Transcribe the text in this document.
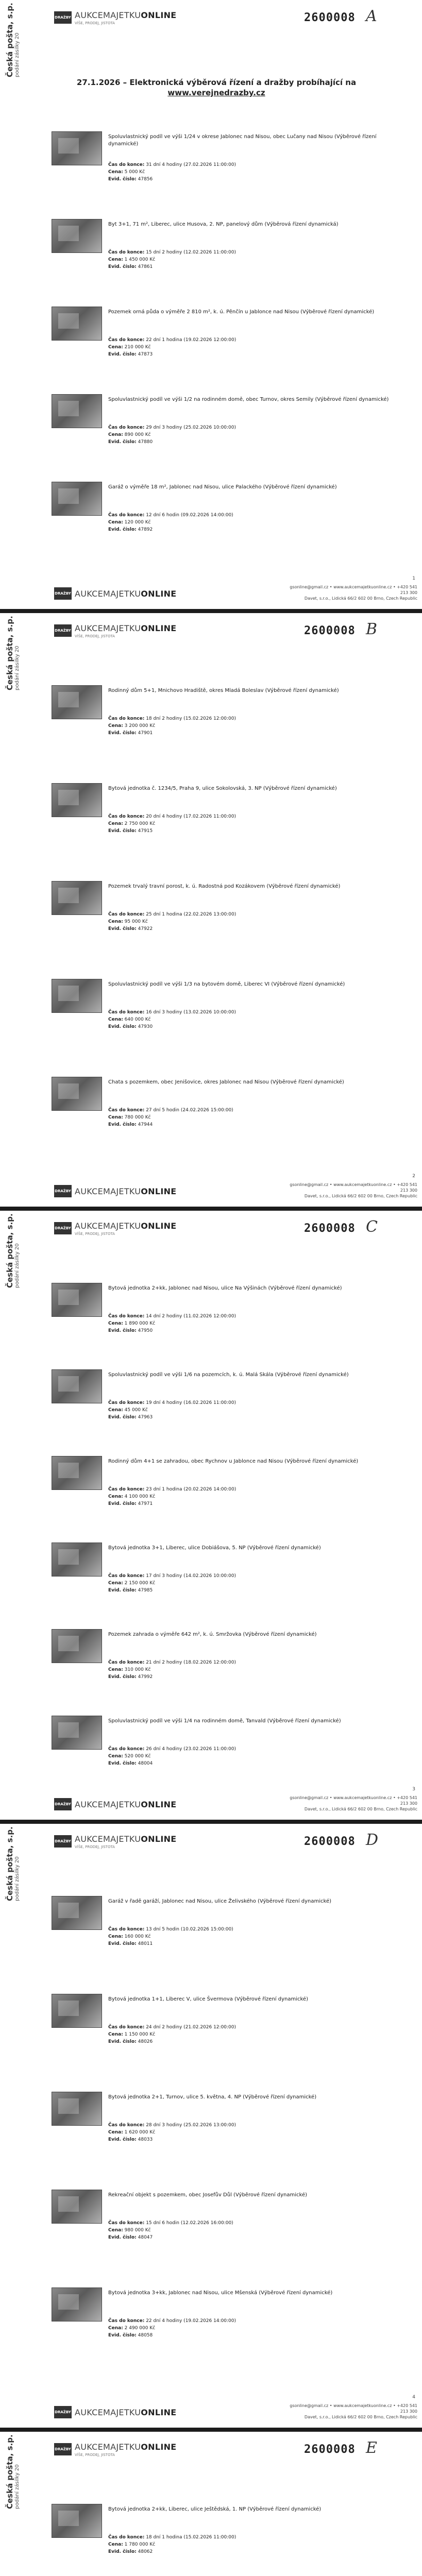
Česká pošta, s.p. podání zásilky 20
DRAŽBY AUKCEMAJETKUONLINE
VÍŠE, PRODEJ, JISTOTA	2600008 A
27.1.2026 – Elektronická výběrová řízení a dražby probíhající na
www.verejnedrazby.cz
Spoluvlastnický podíl ve výši 1/24 v okrese Jablonec nad Nisou, obec Lučany nad Nisou (Výběrové řízení dynamické)
Čas do konce: 31 dní 4 hodiny (27.02.2026 11:00:00)
Cena: 5 000 Kč
Evid. číslo: 47856
Byt 3+1, 71 m², Liberec, ulice Husova, 2. NP, panelový dům (Výběrová řízení dynamická)
Čas do konce: 15 dní 2 hodiny (12.02.2026 11:00:00)
Cena: 1 450 000 Kč
Evid. číslo: 47861
Pozemek orná půda o výměře 2 810 m², k. ú. Pěnčín u Jablonce nad Nisou (Výběrové řízení dynamické)
Čas do konce: 22 dní 1 hodina (19.02.2026 12:00:00)
Cena: 210 000 Kč
Evid. číslo: 47873
Spoluvlastnický podíl ve výši 1/2 na rodinném domě, obec Turnov, okres Semily (Výběrové řízení dynamické)
Čas do konce: 29 dní 3 hodiny (25.02.2026 10:00:00)
Cena: 890 000 Kč
Evid. číslo: 47880
Garáž o výměře 18 m², Jablonec nad Nisou, ulice Palackého (Výběrové řízení dynamické)
Čas do konce: 12 dní 6 hodin (09.02.2026 14:00:00)
Cena: 120 000 Kč
Evid. číslo: 47892
1
gsonline@gmail.cz • www.aukcemajetkuonline.cz • +420 541 213 300
Davet, s.r.o., Lidická 66/2 602 00 Brno, Czech Republic
DRAŽBY AUKCEMAJETKUONLINE
Česká pošta, s.p. podání zásilky 20
DRAŽBY AUKCEMAJETKUONLINE
VÍŠE, PRODEJ, JISTOTA	2600008 B
Rodinný dům 5+1, Mnichovo Hradiště, okres Mladá Boleslav (Výběrové řízení dynamické)
Čas do konce: 18 dní 2 hodiny (15.02.2026 12:00:00)
Cena: 3 200 000 Kč
Evid. číslo: 47901
Bytová jednotka č. 1234/5, Praha 9, ulice Sokolovská, 3. NP (Výběrové řízení dynamické)
Čas do konce: 20 dní 4 hodiny (17.02.2026 11:00:00)
Cena: 2 750 000 Kč
Evid. číslo: 47915
Pozemek trvalý travní porost, k. ú. Radostná pod Kozákovem (Výběrové řízení dynamické)
Čas do konce: 25 dní 1 hodina (22.02.2026 13:00:00)
Cena: 95 000 Kč
Evid. číslo: 47922
Spoluvlastnický podíl ve výši 1/3 na bytovém domě, Liberec VI (Výběrové řízení dynamické)
Čas do konce: 16 dní 3 hodiny (13.02.2026 10:00:00)
Cena: 640 000 Kč
Evid. číslo: 47930
Chata s pozemkem, obec Jenišovice, okres Jablonec nad Nisou (Výběrové řízení dynamické)
Čas do konce: 27 dní 5 hodin (24.02.2026 15:00:00)
Cena: 780 000 Kč
Evid. číslo: 47944
2
gsonline@gmail.cz • www.aukcemajetkuonline.cz • +420 541 213 300
Davet, s.r.o., Lidická 66/2 602 00 Brno, Czech Republic
DRAŽBY AUKCEMAJETKUONLINE
Česká pošta, s.p. podání zásilky 20
DRAŽBY AUKCEMAJETKUONLINE
VÍŠE, PRODEJ, JISTOTA	2600008 C
Bytová jednotka 2+kk, Jablonec nad Nisou, ulice Na Výšinách (Výběrové řízení dynamické)
Čas do konce: 14 dní 2 hodiny (11.02.2026 12:00:00)
Cena: 1 890 000 Kč
Evid. číslo: 47950
Spoluvlastnický podíl ve výši 1/6 na pozemcích, k. ú. Malá Skála (Výběrové řízení dynamické)
Čas do konce: 19 dní 4 hodiny (16.02.2026 11:00:00)
Cena: 45 000 Kč
Evid. číslo: 47963
Rodinný dům 4+1 se zahradou, obec Rychnov u Jablonce nad Nisou (Výběrové řízení dynamické)
Čas do konce: 23 dní 1 hodina (20.02.2026 14:00:00)
Cena: 4 100 000 Kč
Evid. číslo: 47971
Bytová jednotka 3+1, Liberec, ulice Dobiášova, 5. NP (Výběrové řízení dynamické)
Čas do konce: 17 dní 3 hodiny (14.02.2026 10:00:00)
Cena: 2 150 000 Kč
Evid. číslo: 47985
Pozemek zahrada o výměře 642 m², k. ú. Smržovka (Výběrové řízení dynamické)
Čas do konce: 21 dní 2 hodiny (18.02.2026 12:00:00)
Cena: 310 000 Kč
Evid. číslo: 47992
Spoluvlastnický podíl ve výši 1/4 na rodinném domě, Tanvald (Výběrové řízení dynamické)
Čas do konce: 26 dní 4 hodiny (23.02.2026 11:00:00)
Cena: 520 000 Kč
Evid. číslo: 48004
3
gsonline@gmail.cz • www.aukcemajetkuonline.cz • +420 541 213 300
Davet, s.r.o., Lidická 66/2 602 00 Brno, Czech Republic
DRAŽBY AUKCEMAJETKUONLINE
Česká pošta, s.p. podání zásilky 20
DRAŽBY AUKCEMAJETKUONLINE
VÍŠE, PRODEJ, JISTOTA	2600008 D
Garáž v řadě garáží, Jablonec nad Nisou, ulice Želivského (Výběrové řízení dynamické)
Čas do konce: 13 dní 5 hodin (10.02.2026 15:00:00)
Cena: 160 000 Kč
Evid. číslo: 48011
Bytová jednotka 1+1, Liberec V, ulice Švermova (Výběrové řízení dynamické)
Čas do konce: 24 dní 2 hodiny (21.02.2026 12:00:00)
Cena: 1 150 000 Kč
Evid. číslo: 48026
Bytová jednotka 2+1, Turnov, ulice 5. května, 4. NP (Výběrové řízení dynamické)
Čas do konce: 28 dní 3 hodiny (25.02.2026 13:00:00)
Cena: 1 620 000 Kč
Evid. číslo: 48033
Rekreační objekt s pozemkem, obec Josefův Důl (Výběrové řízení dynamické)
Čas do konce: 15 dní 6 hodin (12.02.2026 16:00:00)
Cena: 980 000 Kč
Evid. číslo: 48047
Bytová jednotka 3+kk, Jablonec nad Nisou, ulice Mšenská (Výběrové řízení dynamické)
Čas do konce: 22 dní 4 hodiny (19.02.2026 14:00:00)
Cena: 2 490 000 Kč
Evid. číslo: 48058
4
gsonline@gmail.cz • www.aukcemajetkuonline.cz • +420 541 213 300
Davet, s.r.o., Lidická 66/2 602 00 Brno, Czech Republic
DRAŽBY AUKCEMAJETKUONLINE
Česká pošta, s.p. podání zásilky 20
DRAŽBY AUKCEMAJETKUONLINE
VÍŠE, PRODEJ, JISTOTA	2600008 E
Bytová jednotka 2+kk, Liberec, ulice Ještědská, 1. NP (Výběrové řízení dynamické)
Čas do konce: 18 dní 1 hodina (15.02.2026 11:00:00)
Cena: 1 780 000 Kč
Evid. číslo: 48062
